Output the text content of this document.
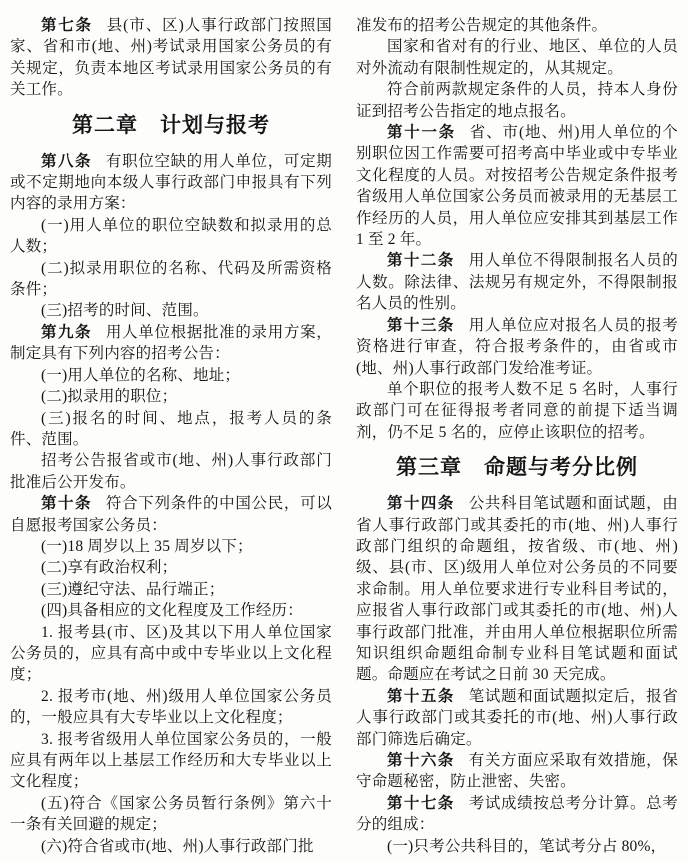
第七条 县(市、区)人事行政部门按照国家、省和市(地、州)考试录用国家公务员的有关规定，负责本地区考试录用国家公务员的有关工作。
第二章　计划与报考
第八条 有职位空缺的用人单位，可定期或不定期地向本级人事行政部门申报具有下列内容的录用方案：
(一)用人单位的职位空缺数和拟录用的总人数；
(二)拟录用职位的名称、代码及所需资格条件；
(三)招考的时间、范围。
第九条 用人单位根据批准的录用方案，制定具有下列内容的招考公告：
(一)用人单位的名称、地址；
(二)拟录用的职位；
(三)报名的时间、地点，报考人员的条件、范围。
招考公告报省或市(地、州)人事行政部门批准后公开发布。
第十条 符合下列条件的中国公民，可以自愿报考国家公务员：
(一)18 周岁以上 35 周岁以下；
(二)享有政治权利；
(三)遵纪守法、品行端正；
(四)具备相应的文化程度及工作经历：
1. 报考县(市、区)及其以下用人单位国家公务员的，应具有高中或中专毕业以上文化程度；
2. 报考市(地、州)级用人单位国家公务员的，一般应具有大专毕业以上文化程度；
3. 报考省级用人单位国家公务员的，一般应具有两年以上基层工作经历和大专毕业以上文化程度；
(五)符合《国家公务员暂行条例》第六十一条有关回避的规定；
(六)符合省或市(地、州)人事行政部门批
准发布的招考公告规定的其他条件。
国家和省对有的行业、地区、单位的人员对外流动有限制性规定的，从其规定。
符合前两款规定条件的人员，持本人身份证到招考公告指定的地点报名。
第十一条 省、市(地、州)用人单位的个别职位因工作需要可招考高中毕业或中专毕业文化程度的人员。对按招考公告规定条件报考省级用人单位国家公务员而被录用的无基层工作经历的人员，用人单位应安排其到基层工作 1 至 2 年。
第十二条 用人单位不得限制报名人员的人数。除法律、法规另有规定外，不得限制报名人员的性别。
第十三条 用人单位应对报名人员的报考资格进行审查，符合报考条件的，由省或市(地、州)人事行政部门发给准考证。
单个职位的报考人数不足 5 名时，人事行政部门可在征得报考者同意的前提下适当调剂，仍不足 5 名的，应停止该职位的招考。
第三章　命题与考分比例
第十四条 公共科目笔试题和面试题，由省人事行政部门或其委托的市(地、州)人事行政部门组织的命题组，按省级、市(地、州)级、县(市、区)级用人单位对公务员的不同要求命制。用人单位要求进行专业科目考试的，应报省人事行政部门或其委托的市(地、州)人事行政部门批准，并由用人单位根据职位所需知识组织命题组命制专业科目笔试题和面试题。命题应在考试之日前 30 天完成。
第十五条 笔试题和面试题拟定后，报省人事行政部门或其委托的市(地、州)人事行政部门筛选后确定。
第十六条 有关方面应采取有效措施，保守命题秘密，防止泄密、失密。
第十七条 考试成绩按总考分计算。总考分的组成：
(一)只考公共科目的，笔试考分占 80%，
